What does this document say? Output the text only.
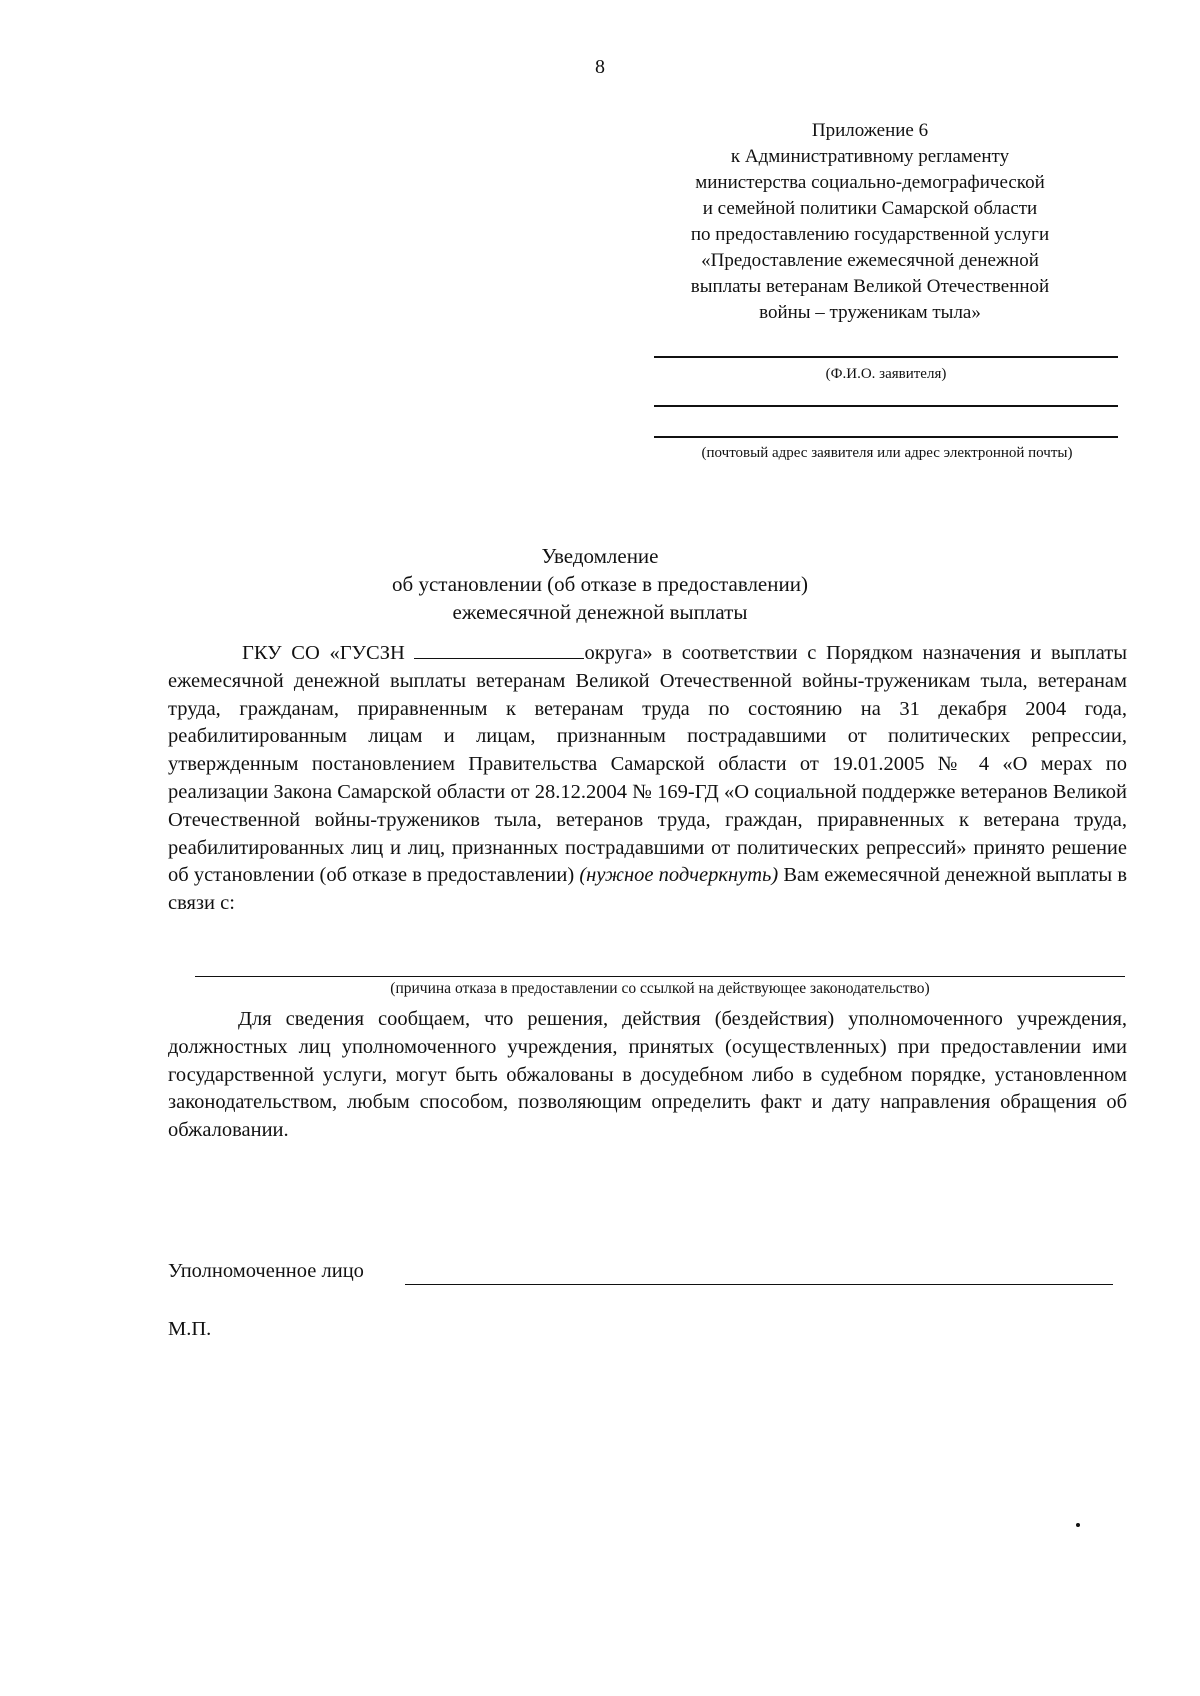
8
Приложение 6
к Административному регламенту
министерства социально-демографической
и семейной политики Самарской области
по предоставлению государственной услуги
«Предоставление ежемесячной денежной
выплаты ветеранам Великой Отечественной
войны – труженикам тыла»
(Ф.И.О. заявителя)
(почтовый адрес заявителя или адрес электронной почты)
Уведомление
об установлении (об отказе в предоставлении)
ежемесячной денежной выплаты
ГКУ СО «ГУСЗН	округа» в соответствии с Порядком назначения и выплаты ежемесячной денежной выплаты ветеранам Великой Отечественной войны-труженикам тыла, ветеранам труда, гражданам, приравненным к ветеранам труда по состоянию на 31 декабря 2004 года, реабилитированным лицам и лицам, признанным пострадавшими от политических репрессии, утвержденным постановлением Правительства Самарской области от 19.01.2005 № 4 «О мерах по реализации Закона Самарской области от 28.12.2004 № 169-ГД «О социальной поддержке ветеранов Великой Отечественной войны-тружеников тыла, ветеранов труда, граждан, приравненных к ветерана труда, реабилитированных лиц и лиц, признанных пострадавшими от политических репрессий» принято решение об установлении (об отказе в предоставлении) (нужное подчеркнуть) Вам ежемесячной денежной выплаты в связи с:
(причина отказа в предоставлении со ссылкой на действующее законодательство)
Для сведения сообщаем, что решения, действия (бездействия) уполномоченного учреждения, должностных лиц уполномоченного учреждения, принятых (осуществленных) при предоставлении ими государственной услуги, могут быть обжалованы в досудебном либо в судебном порядке, установленном законодательством, любым способом, позволяющим определить факт и дату направления обращения об обжаловании.
Уполномоченное лицо
М.П.
